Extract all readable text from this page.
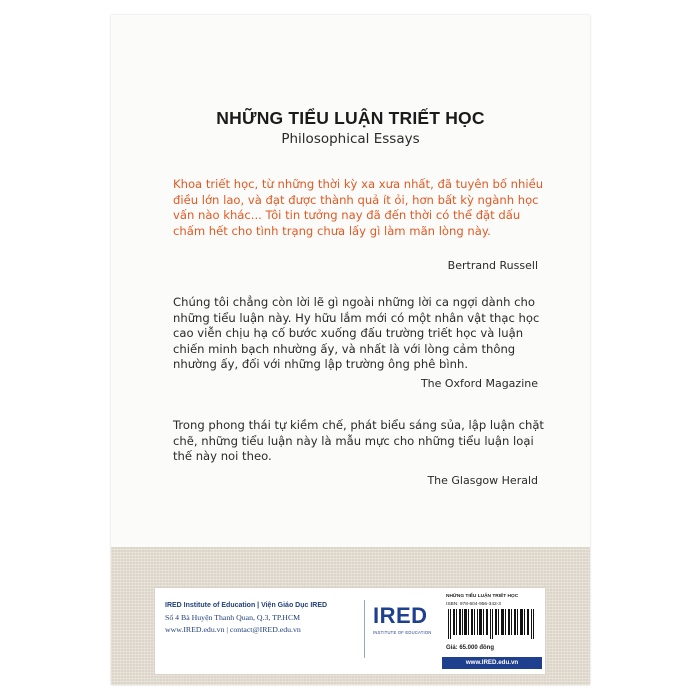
NHỮNG TIỂU LUẬN TRIẾT HỌC

Philosophical Essays

Khoa triết học, từ những thời kỳ xa xưa nhất, đã tuyên bố nhiều điều lớn lao, và đạt được thành quả ít ỏi, hơn bất kỳ ngành học vấn nào khác... Tôi tin tưởng nay đã đến thời có thể đặt dấu chấm hết cho tình trạng chưa lấy gì làm mãn lòng này.

Bertrand Russell

Chúng tôi chẳng còn lời lẽ gì ngoài những lời ca ngợi dành cho những tiểu luận này. Hy hữu lắm mới có một nhân vật thạc học cao viễn chịu hạ cố bước xuống đấu trường triết học và luận chiến minh bạch nhường ấy, và nhất là với lòng cảm thông nhường ấy, đối với những lập trường ông phê bình.

The Oxford Magazine

Trong phong thái tự kiềm chế, phát biểu sáng sủa, lập luận chặt chẽ, những tiểu luận này là mẫu mực cho những tiểu luận loại thế này noi theo.

The Glasgow Herald

IRED Institute of Education | Viện Giáo Dục IRED
Số 4 Bà Huyện Thanh Quan, Q.3, TP.HCM
www.IRED.edu.vn | contact@IRED.edu.vn
IRED
INSTITUTE OF EDUCATION
NHỮNG TIỂU LUẬN TRIẾT HỌC
ISBN: 978-604-956-342-3
Giá: 65.000 đồng
www.IRED.edu.vn
